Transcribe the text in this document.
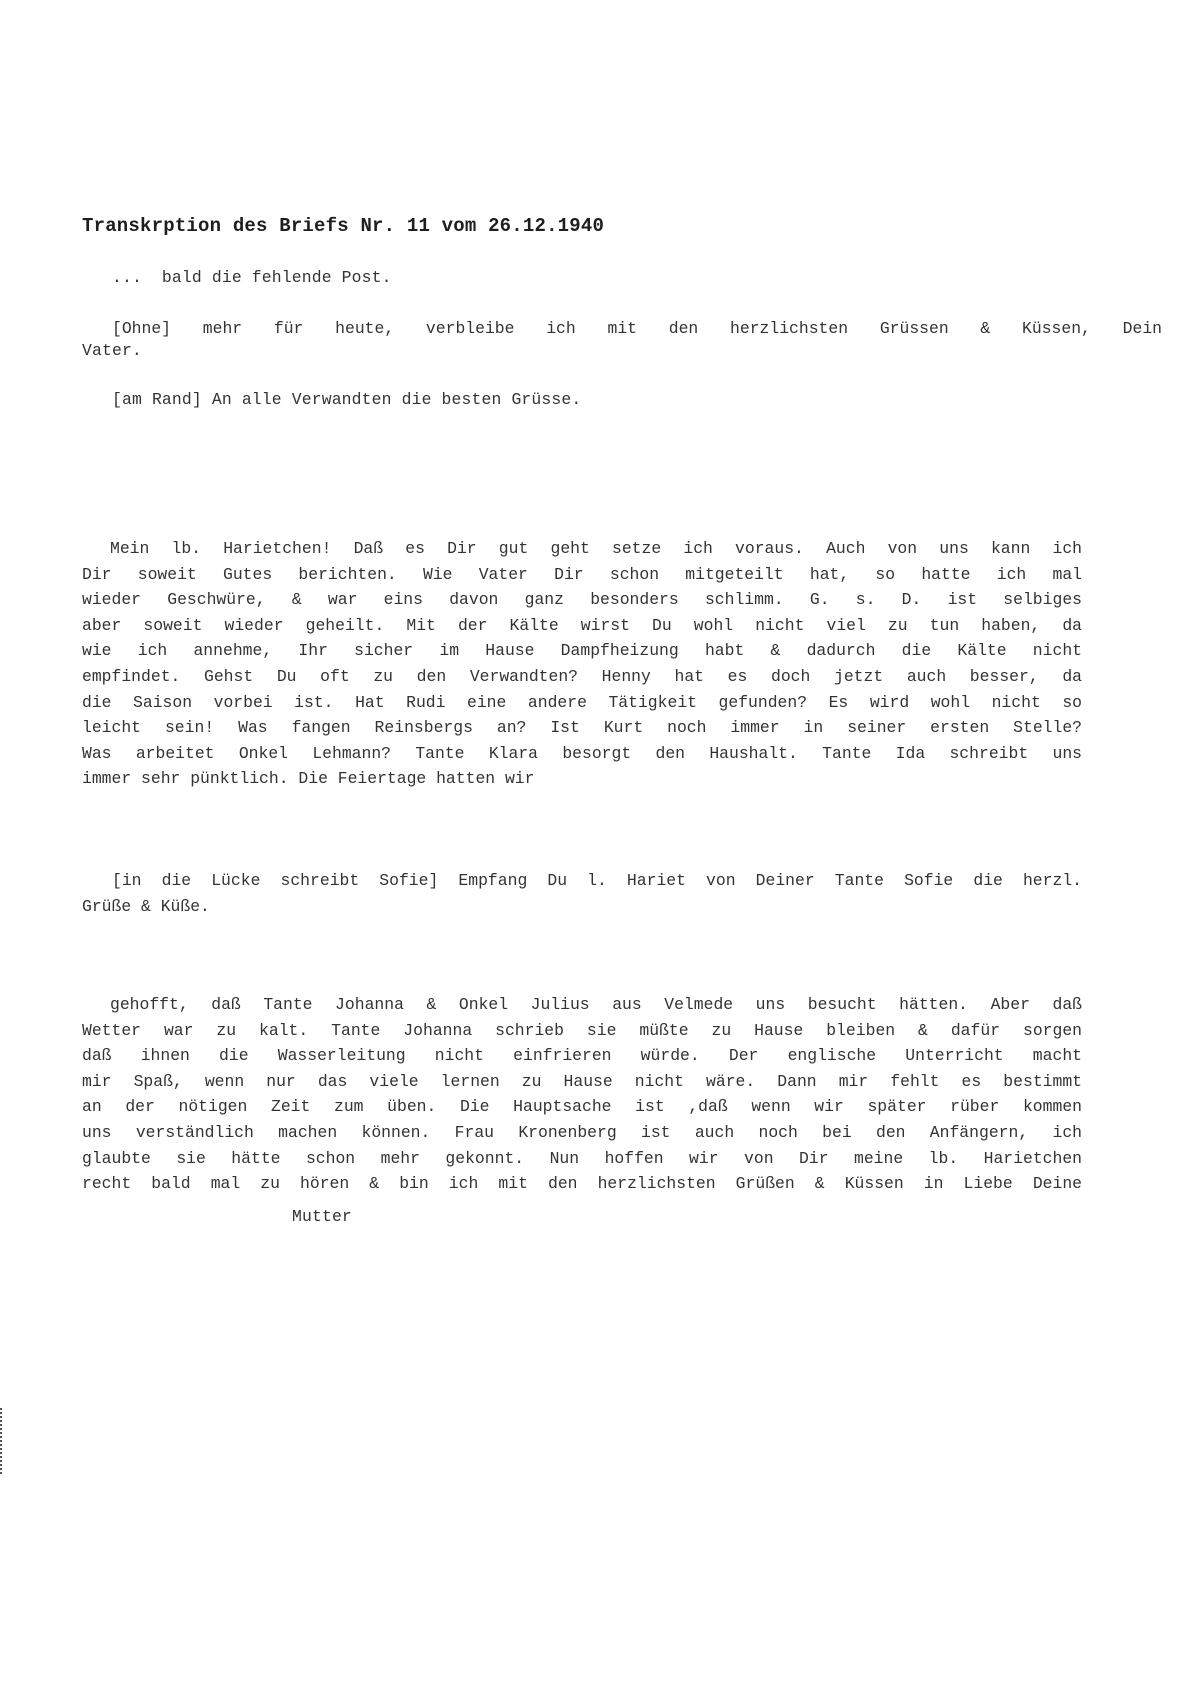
Transkrption des Briefs Nr. 11 vom 26.12.1940
...  bald die fehlende Post.
[Ohne] mehr für heute, verbleibe ich mit den herzlichsten Grüssen & Küssen, Dein
Vater.
[am Rand] An alle Verwandten die besten Grüsse.
Mein lb. Harietchen! Daß es Dir gut geht setze ich voraus. Auch von uns kann ich
Dir soweit Gutes berichten. Wie Vater Dir schon mitgeteilt hat, so hatte ich mal
wieder Geschwüre, & war eins davon ganz besonders schlimm. G. s. D. ist selbiges
aber soweit wieder geheilt. Mit der Kälte wirst Du wohl nicht viel zu tun haben, da
wie ich annehme, Ihr sicher im Hause Dampfheizung habt & dadurch die Kälte nicht
empfindet. Gehst Du oft zu den Verwandten? Henny hat es doch jetzt auch besser, da
die Saison vorbei ist. Hat Rudi eine andere Tätigkeit gefunden? Es wird wohl nicht so
leicht sein! Was fangen Reinsbergs an? Ist Kurt noch immer in seiner ersten Stelle?
Was arbeitet Onkel Lehmann? Tante Klara besorgt den Haushalt. Tante Ida schreibt uns
immer sehr pünktlich. Die Feiertage hatten wir
[in die Lücke schreibt Sofie] Empfang Du l. Hariet von Deiner Tante Sofie die herzl.
Grüße & Küße.
gehofft, daß Tante Johanna & Onkel Julius aus Velmede uns besucht hätten. Aber daß
Wetter war zu kalt. Tante Johanna schrieb sie müßte zu Hause bleiben & dafür sorgen
daß ihnen die Wasserleitung nicht einfrieren würde. Der englische Unterricht macht
mir Spaß, wenn nur das viele lernen zu Hause nicht wäre. Dann mir fehlt es bestimmt
an der nötigen Zeit zum üben. Die Hauptsache ist ,daß wenn wir später rüber kommen
uns verständlich machen können. Frau Kronenberg ist auch noch bei den Anfängern, ich
glaubte sie hätte schon mehr gekonnt. Nun hoffen wir von Dir meine lb. Harietchen
recht bald mal zu hören & bin ich mit den herzlichsten Grüßen & Küssen in Liebe Deine
Mutter
